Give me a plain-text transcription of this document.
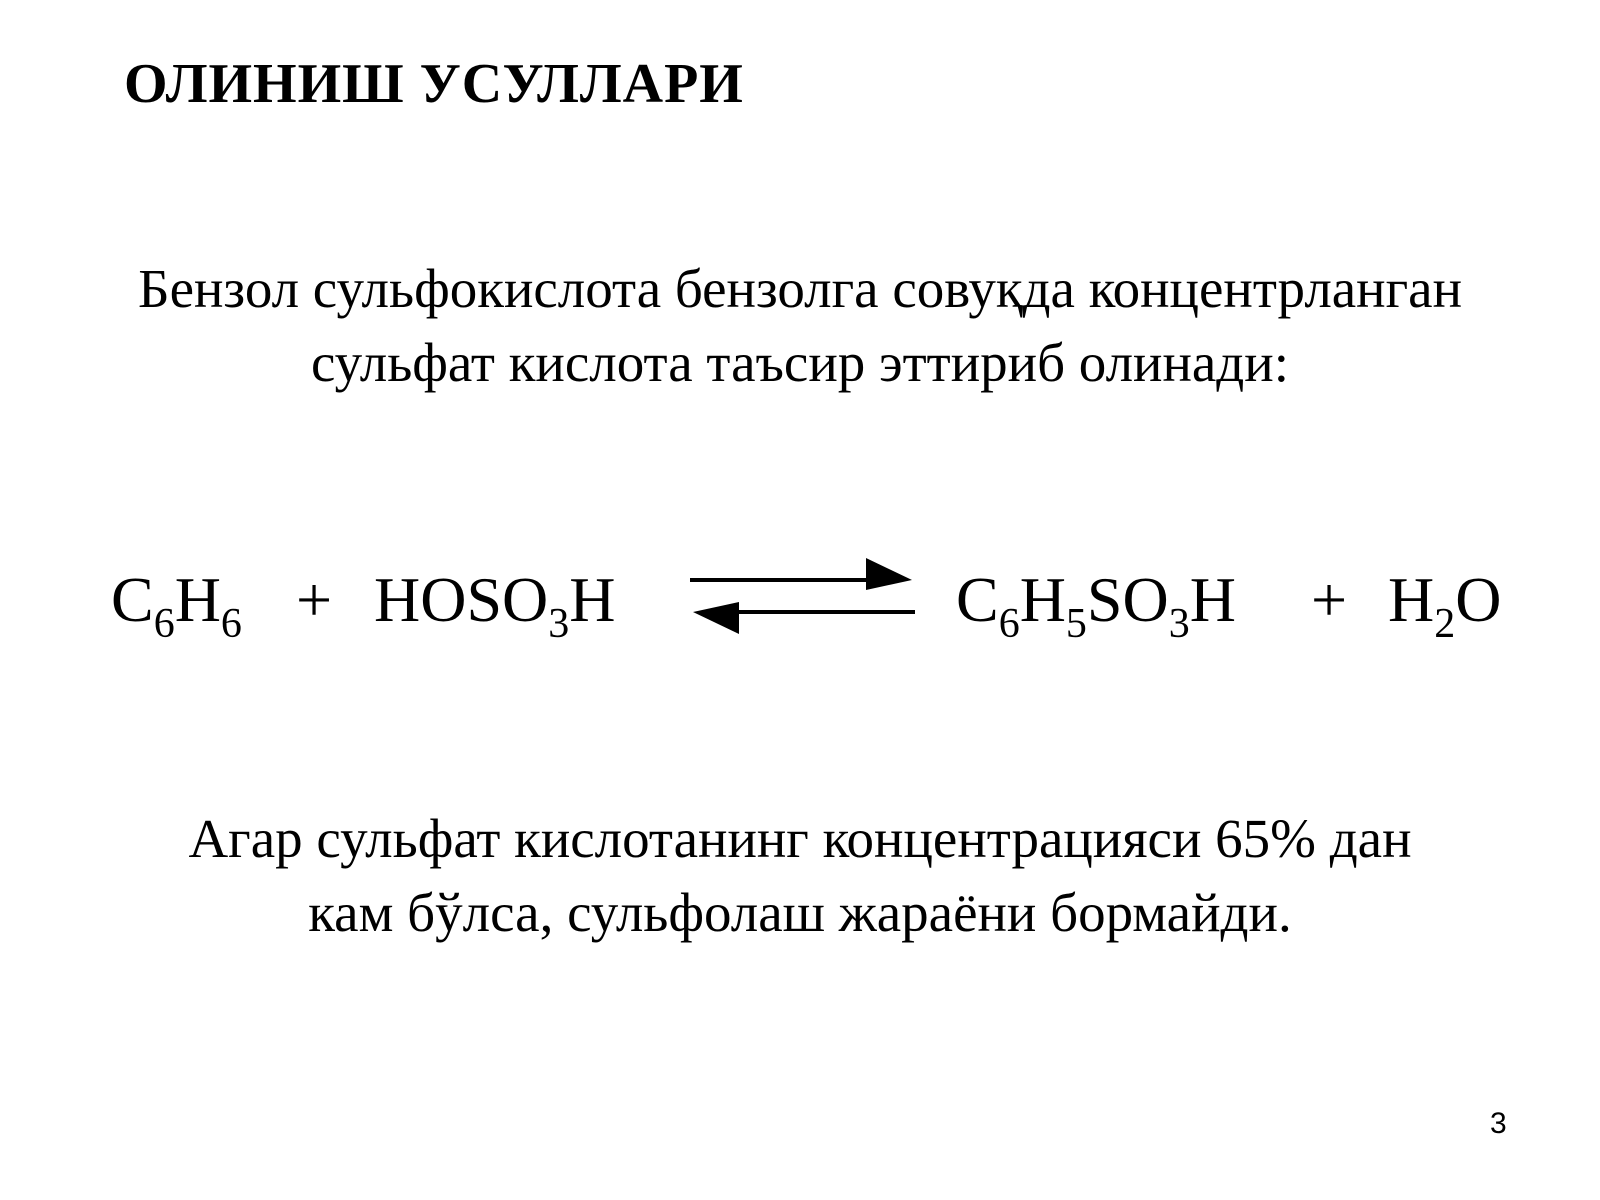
ОЛИНИШ УСУЛЛАРИ
Бензол сульфокислота бензолга совуқда концентрланган
сульфат кислота таъсир эттириб олинади:
$C_6H_6$ + $HOSO_3H$	$C_6H_5SO_3H + H_2O$
Агар сульфат кислотанинг концентрацияси 65% дан
кам бўлса, сульфолаш жараёни бормайди.
3
